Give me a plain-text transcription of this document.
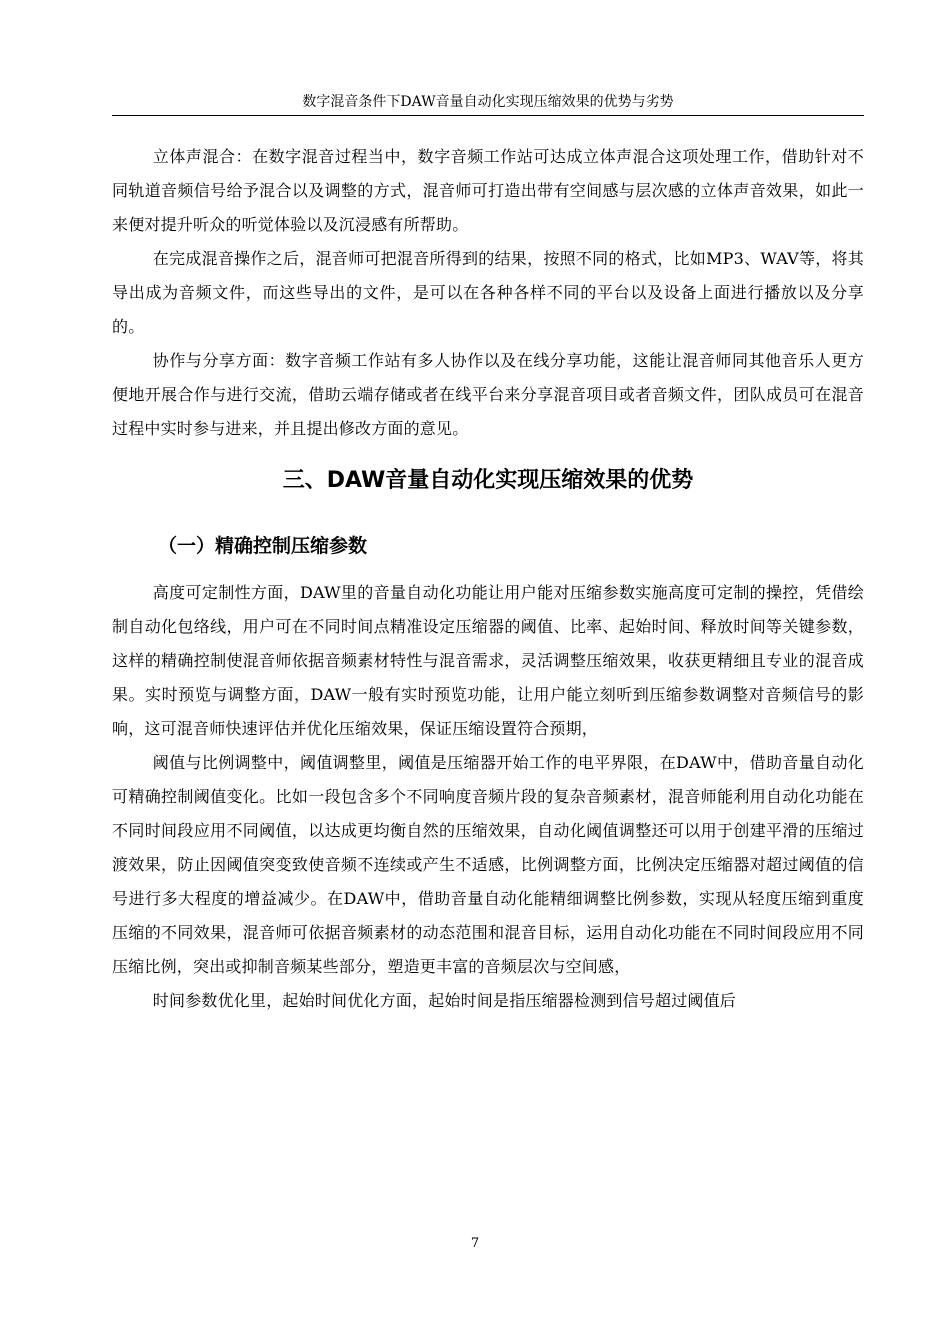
数字混音条件下DAW音量自动化实现压缩效果的优势与劣势

立体声混合：在数字混音过程当中，数字音频工作站可达成立体声混合这项处理工作，借助针对不同轨道音频信号给予混合以及调整的方式，混音师可打造出带有空间感与层次感的立体声音效果，如此一来便对提升听众的听觉体验以及沉浸感有所帮助。

在完成混音操作之后，混音师可把混音所得到的结果，按照不同的格式，比如MP3、WAV等，将其导出成为音频文件，而这些导出的文件，是可以在各种各样不同的平台以及设备上面进行播放以及分享的。

协作与分享方面：数字音频工作站有多人协作以及在线分享功能，这能让混音师同其他音乐人更方便地开展合作与进行交流，借助云端存储或者在线平台来分享混音项目或者音频文件，团队成员可在混音过程中实时参与进来，并且提出修改方面的意见。

三、DAW音量自动化实现压缩效果的优势
（一）精确控制压缩参数

高度可定制性方面，DAW里的音量自动化功能让用户能对压缩参数实施高度可定制的操控，凭借绘制自动化包络线，用户可在不同时间点精准设定压缩器的阈值、比率、起始时间、释放时间等关键参数，这样的精确控制使混音师依据音频素材特性与混音需求，灵活调整压缩效果，收获更精细且专业的混音成果。实时预览与调整方面，DAW一般有实时预览功能，让用户能立刻听到压缩参数调整对音频信号的影响，这可混音师快速评估并优化压缩效果，保证压缩设置符合预期，

阈值与比例调整中，阈值调整里，阈值是压缩器开始工作的电平界限，在DAW中，借助音量自动化可精确控制阈值变化。比如一段包含多个不同响度音频片段的复杂音频素材，混音师能利用自动化功能在不同时间段应用不同阈值，以达成更均衡自然的压缩效果，自动化阈值调整还可以用于创建平滑的压缩过渡效果，防止因阈值突变致使音频不连续或产生不适感，比例调整方面，比例决定压缩器对超过阈值的信号进行多大程度的增益减少。在DAW中，借助音量自动化能精细调整比例参数，实现从轻度压缩到重度压缩的不同效果，混音师可依据音频素材的动态范围和混音目标，运用自动化功能在不同时间段应用不同压缩比例，突出或抑制音频某些部分，塑造更丰富的音频层次与空间感，

时间参数优化里，起始时间优化方面，起始时间是指压缩器检测到信号超过阈值后

7
